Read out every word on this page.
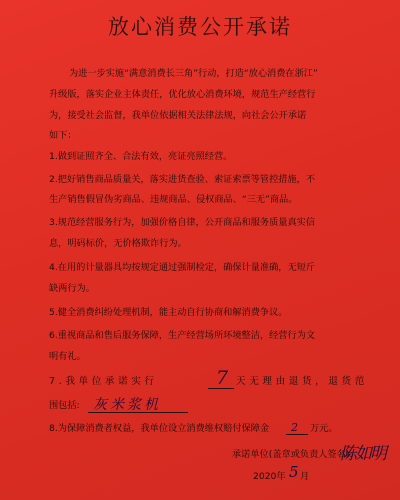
放心消费公开承诺
为进一步实施“满意消费长三角”行动，打造“放心消费在浙江”
升级版，落实企业主体责任，优化放心消费环境，规范生产经营行
为，接受社会监督，我单位依据相关法律法规，向社会公开承诺
如下：
1.做到证照齐全、合法有效，亮证亮照经营。
2.把好销售商品质量关，落实进货查验、索证索票等管控措施，不
生产销售假冒伪劣商品、违规商品、侵权商品、“三无”商品。
3.规范经营服务行为，加强价格自律，公开商品和服务质量真实信
息，明码标价，无价格欺诈行为。
4.在用的计量器具均按规定通过强制检定，确保计量准确，无短斤
缺两行为。
5.健全消费纠纷处理机制，能主动自行协商和解消费争议。
6.重视商品和售后服务保障，生产经营场所环境整洁，经营行为文
明有礼。
7.我单位承诺实行	7 天无理由退货，退货范
围包括: 灰米浆机
8.为保障消费者权益，我单位设立消费维权赔付保障金 2 万元。
承诺单位(盖章或负责人签名):
陈如明
2020年 5 月
